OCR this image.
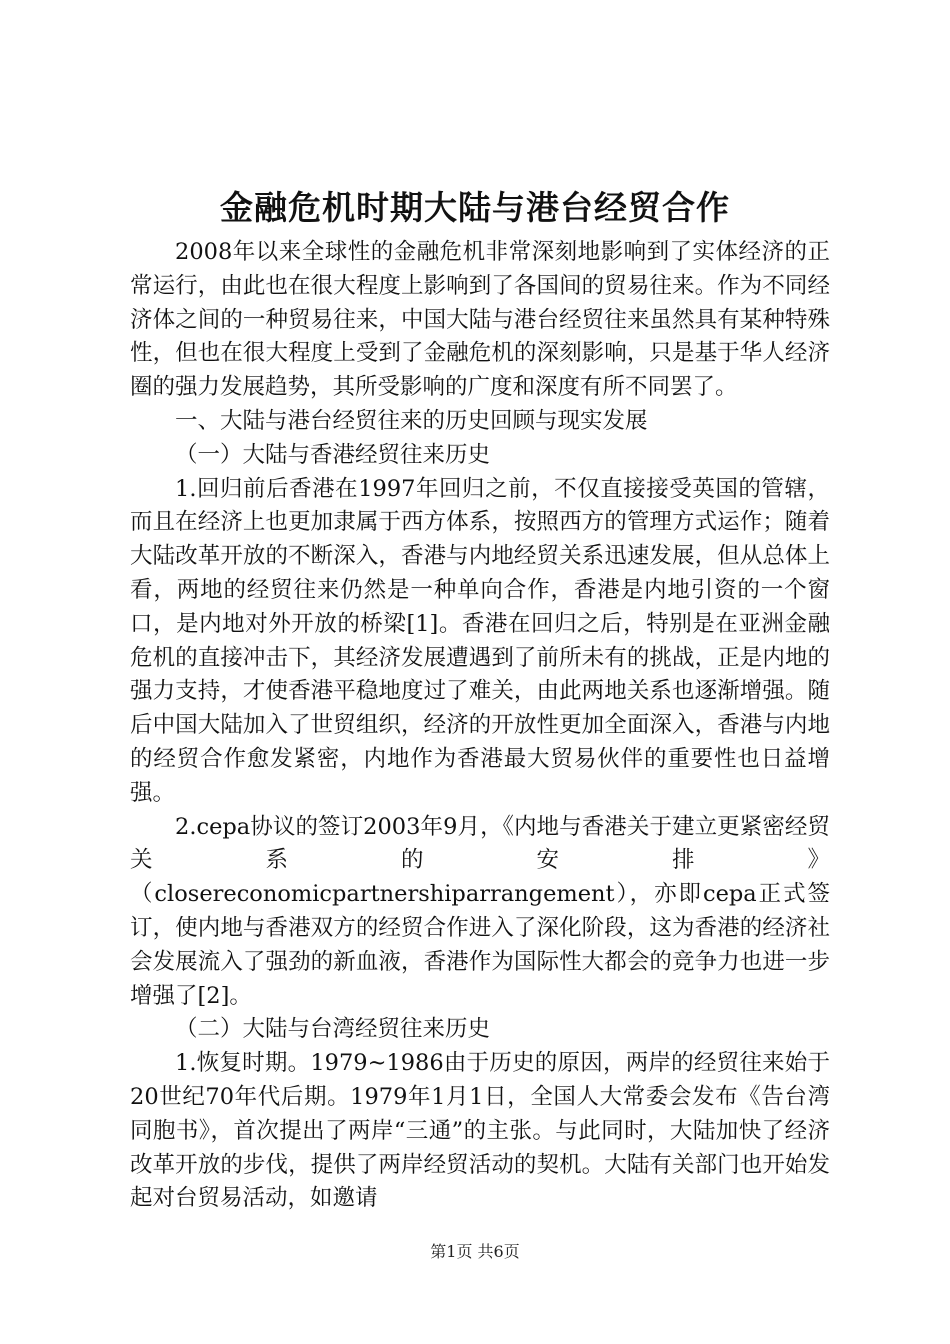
金融危机时期大陆与港台经贸合作

2008年以来全球性的金融危机非常深刻地影响到了实体经济的正常运行，由此也在很大程度上影响到了各国间的贸易往来。作为不同经济体之间的一种贸易往来，中国大陆与港台经贸往来虽然具有某种特殊性，但也在很大程度上受到了金融危机的深刻影响，只是基于华人经济圈的强力发展趋势，其所受影响的广度和深度有所不同罢了。

一、大陆与港台经贸往来的历史回顾与现实发展

（一）大陆与香港经贸往来历史

1.回归前后香港在1997年回归之前，不仅直接接受英国的管辖，而且在经济上也更加隶属于西方体系，按照西方的管理方式运作；随着大陆改革开放的不断深入，香港与内地经贸关系迅速发展，但从总体上看，两地的经贸往来仍然是一种单向合作，香港是内地引资的一个窗口，是内地对外开放的桥梁[1]。香港在回归之后，特别是在亚洲金融危机的直接冲击下，其经济发展遭遇到了前所未有的挑战，正是内地的强力支持，才使香港平稳地度过了难关，由此两地关系也逐渐增强。随后中国大陆加入了世贸组织，经济的开放性更加全面深入，香港与内地的经贸合作愈发紧密，内地作为香港最大贸易伙伴的重要性也日益增强。

2.cepa协议的签订2003年9月，《内地与香港关于建立更紧密经贸关系的安排》

（closereconomicpartnershiparrangement），亦即cepa正式签订，使内地与香港双方的经贸合作进入了深化阶段，这为香港的经济社会发展流入了强劲的新血液，香港作为国际性大都会的竞争力也进一步增强了[2]。

（二）大陆与台湾经贸往来历史

1.恢复时期。1979~1986由于历史的原因，两岸的经贸往来始于20世纪70年代后期。1979年1月1日，全国人大常委会发布《告台湾同胞书》，首次提出了两岸“三通”的主张。与此同时，大陆加快了经济改革开放的步伐，提供了两岸经贸活动的契机。大陆有关部门也开始发起对台贸易活动，如邀请

第1页 共6页
